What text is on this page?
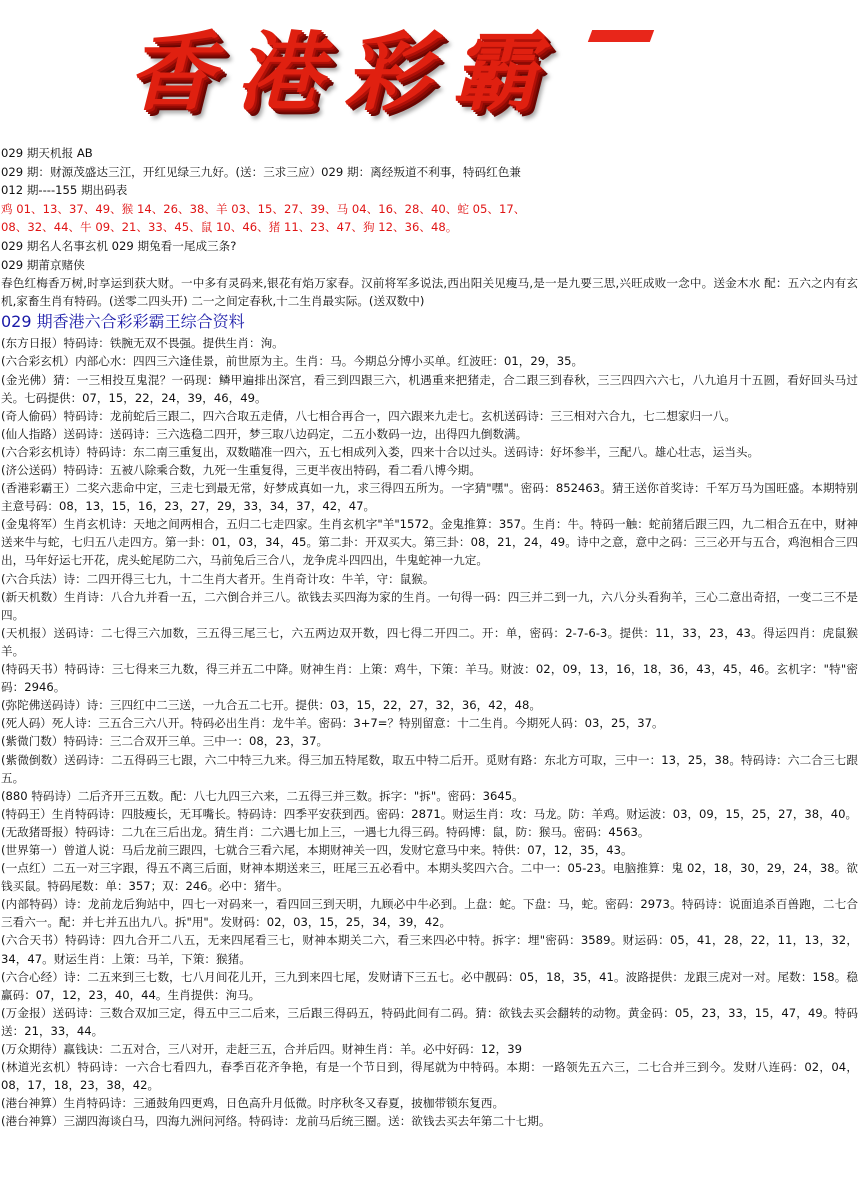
香港彩霸
029 期天机报 AB
029 期：财源茂盛达三江，开红见绿三九好。(送：三求三应）029 期：离经叛道不利事，特码红色兼
012 期----155 期出码表
鸡 01、13、37、49、猴 14、26、38、羊 03、15、27、39、马 04、16、28、40、蛇 05、17、
08、32、44、牛 09、21、33、45、鼠 10、46、猪 11、23、47、狗 12、36、48。
029 期名人名事玄机 029 期兔看一尾成三条?
029 期莆京赌侠
春色红梅香万树,时享运到获大财。一中多有灵码来,银花有焰万家春。汉前将军多说法,西出阳关见瘦马,是一是九要三思,兴旺成败一念中。送金木水 配：五六之内有玄机,家畜生肖有特码。(送零二四头开) 二一之间定春秋,十二生肖最实际。(送双数中)
029 期香港六合彩彩霸王综合资料
(东方日报）特码诗：铁腕无双不畏强。提供生肖：洵。
(六合彩玄机）内部心水：四四三六逢佳景，前世原为主。生肖：马。今期总分博小买单。红波旺：01，29，35。
(金光佛）猜：一三相投互鬼混？一码现：鳞甲遍排出深宫，看三到四跟三六，机遇重来把猪走，合二跟三到春秋，三三四四六六七，八九追月十五圆，看好回头马过关。七码提供：07，15，22，24，39，46，49。
(奇人偷码）特码诗：龙前蛇后三跟二，四六合取五走倩，八七相合再合一，四六跟来九走七。玄机送码诗：三三相对六合九，七二想家归一八。
(仙人指路）送码诗：送码诗：三六选稳二四开，梦三取八边码定，二五小数码一边，出得四九倒数满。
(六合彩玄机诗）特码诗：东二南三重复出，双数瞄准一四六，五七相成列入娄，四来十合以过头。送码诗：好坏参半，三配八。雄心壮志，运当头。
(济公送码）特码诗：五被八除乘合数，九死一生重复得，三更半夜出特码，看二看八博今期。
(香港彩霸王）二奖六悲命中定，三走七到最无常，好梦成真如一九，求三得四五所为。一字猜"嘿"。密码：852463。猜王送你首奖诗：千军万马为国旺盛。本期特别主意号码：08，13，15，16，23，27，29，33，34，37，42，47。
(金鬼将军）生肖玄机诗：天地之间两相合，五归二七走四家。生肖玄机字"羊"1572。金鬼推算：357。生肖：牛。特码一触：蛇前猪后跟三四，九二相合五在中，财神送来牛与蛇，七归五八走四方。第一卦：01，03，34，45。第二卦：开双买大。第三卦：08，21，24，49。诗中之意，意中之码：三三必开与五合，鸡泡相合三四出，马年好运七开花，虎头蛇尾防二六，马前兔后三合八，龙争虎斗四四出，牛鬼蛇神一九定。
(六合兵法）诗：二四开得三七九，十二生肖大者开。生肖奇计攻：牛羊，守：鼠猴。
(新天机数）生肖诗：八合九并看一五，二六倒合并三八。欲钱去买四海为家的生肖。一句得一码：四三并二到一九，六八分头看狗羊，三心二意出奇招，一变二三不是四。
(天机报）送码诗：二七得三六加数，三五得三尾三七，六五两边双开数，四七得二开四二。开：单，密码：2-7-6-3。提供：11，33，23，43。得运四肖：虎鼠猴羊。
(特码天书）特码诗：三七得来三九数，得三并五二中降。财神生肖：上策：鸡牛，下策：羊马。财波：02，09，13，16，18，36，43，45，46。玄机字："特"密码：2946。
(弥陀佛送码诗）诗：三四红中二三送，一九合五二七开。提供：03，15，22，27，32，36，42，48。
(死人码）死人诗：三五合三六八开。特码必出生肖：龙牛羊。密码：3+7=？特别留意：十二生肖。今期死人码：03，25，37。
(紫微门数）特码诗：三二合双开三单。三中一：08，23，37。
(紫微倒数）送码诗：二五得码三七跟，六二中特三九来。得三加五特尾数，取五中特二后开。觅财有路：东北方可取，三中一：13，25，38。特码诗：六二合三七跟五。
(880 特码诗）二后齐开三五数。配：八七九四三六来，二五得三并三数。拆字："拆"。密码：3645。
(特码王）生肖特码诗：四肢瘦长，无耳嘴长。特码诗：四季平安获到西。密码：2871。财运生肖：攻：马龙。防：羊鸡。财运波：03，09，15，25，27，38，40。
(无敌猪哥报）特码诗：二九在三后出龙。猜生肖：二六遇七加上三，一遇七九得三码。特码博：鼠，防：猴马。密码：4563。
(世界第一）曾道人说：马后龙前三跟四，七就合三看六尾，本期财神关一四，发财它意马中来。特供：07，12，35，43。
(一点红）二五一对三字跟，得五不离三后面，财神本期送来三，旺尾三五必看中。本期头奖四六合。二中一：05-23。电脑推算：鬼 02，18，30，29，24，38。欲钱买鼠。特码尾数：单：357；双：246。必中：猪牛。
(内部特码）诗：龙前龙后狗站中，四七一对码来一，看四回三到天明，九顾必中牛必到。上盘：蛇。下盘：马，蛇。密码：2973。特码诗：说面追杀百兽跑，二七合三看六一。配：并七并五出九八。拆"用"。发财码：02，03，15，25，34，39，42。
(六合天书）特码诗：四九合开二八五，无来四尾看三七，财神本期关二六，看三来四必中特。拆字：埋"密码：3589。财运码：05，41，28，22，11，13，32，34，47。财运生肖：上策：马羊，下策：猴猪。
(六合心经）诗：二五来到三七数，七八月间花儿开，三九到来四七尾，发财请下三五七。必中靓码：05，18，35，41。波路提供：龙跟三虎对一对。尾数：158。稳赢码：07，12，23，40，44。生肖提供：洵马。
(万金报）送码诗：三数合双加三定，得五中三二后来，三后跟三得码五，特码此间有二码。猜：欲钱去买会翻转的动物。黄金码：05，23，33，15，47，49。特码送：21，33，44。
(万众期待）赢钱诀：二五对合，三八对开，走赶三五，合并后四。财神生肖：羊。必中好码：12，39
(林道光玄机）特码诗：一六合七看四九，春季百花齐争艳，有是一个节日到，得尾就为中特码。本期：一路领先五六三，二七合并三到今。发财八连码：02，04，08，17，18，23，38，42。
(港台神算）生肖特码诗：三通鼓角四更鸡，日色高升月低微。时序秋冬又春夏，披枷带锁东复西。
(港台神算）三湖四海谈白马，四海九洲问河络。特码诗：龙前马后统三圈。送：欲钱去买去年第二十七期。
